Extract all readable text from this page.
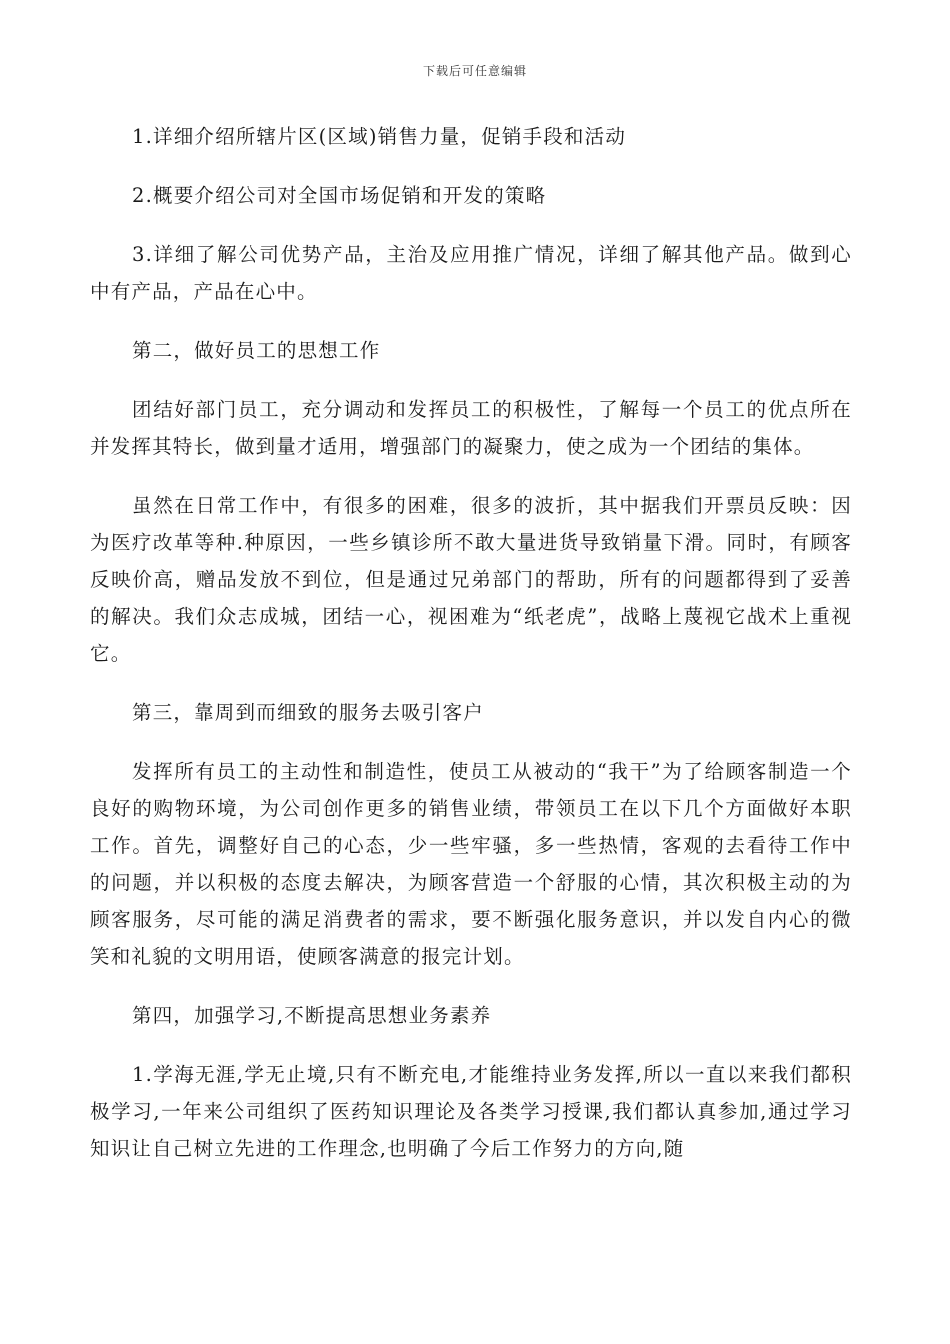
下载后可任意编辑

1.详细介绍所辖片区(区域)销售力量，促销手段和活动

2.概要介绍公司对全国市场促销和开发的策略

3.详细了解公司优势产品，主治及应用推广情况，详细了解其他产品。做到心中有产品，产品在心中。

第二，做好员工的思想工作

团结好部门员工，充分调动和发挥员工的积极性，了解每一个员工的优点所在并发挥其特长，做到量才适用，增强部门的凝聚力，使之成为一个团结的集体。

虽然在日常工作中，有很多的困难，很多的波折，其中据我们开票员反映：因为医疗改革等种.种原因，一些乡镇诊所不敢大量进货导致销量下滑。同时，有顾客反映价高，赠品发放不到位，但是通过兄弟部门的帮助，所有的问题都得到了妥善的解决。我们众志成城，团结一心，视困难为“纸老虎”，战略上蔑视它战术上重视它。

第三，靠周到而细致的服务去吸引客户

发挥所有员工的主动性和制造性，使员工从被动的“我干”为了给顾客制造一个良好的购物环境，为公司创作更多的销售业绩，带领员工在以下几个方面做好本职工作。首先，调整好自己的心态，少一些牢骚，多一些热情，客观的去看待工作中的问题，并以积极的态度去解决，为顾客营造一个舒服的心情，其次积极主动的为顾客服务，尽可能的满足消费者的需求，要不断强化服务意识，并以发自内心的微笑和礼貌的文明用语，使顾客满意的报完计划。

第四，加强学习,不断提高思想业务素养

1.学海无涯,学无止境,只有不断充电,才能维持业务发挥,所以一直以来我们都积极学习,一年来公司组织了医药知识理论及各类学习授课,我们都认真参加,通过学习知识让自己树立先进的工作理念,也明确了今后工作努力的方向,随
